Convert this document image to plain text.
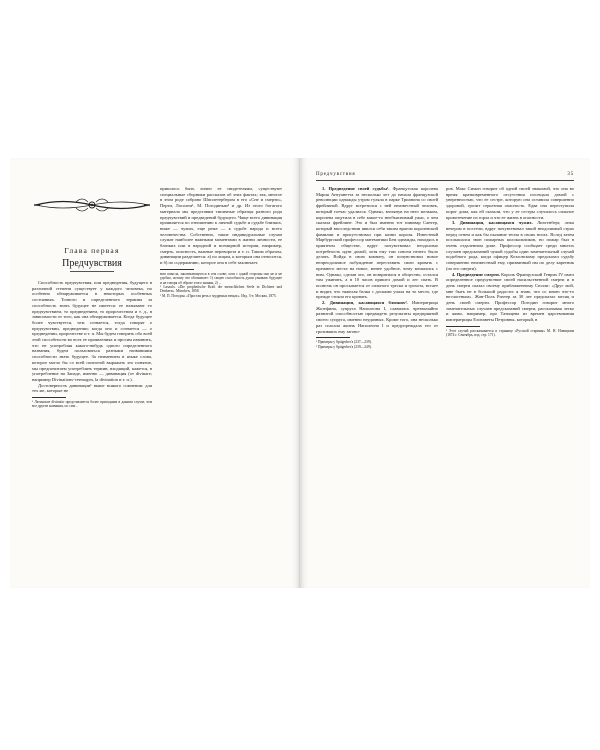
Глава первая
Предчувствия

Способность предчувствия, или предведения, будущего в различной степени существует у каждого человека, но особенно обнаруживается в некоторых особенных состояниях. Точного и определенного термина за способность знать будущее не имеется: ее называют то предчувствием, то предведением, то пророчеством и т. д., в зависимости от того, как она обнаруживается. Когда будущее более чувствуется, чем сознается, тогда говорят о предчувствии, предведении; когда оно и сознается — о предведении, пророчестве и т. п. Мы будем говорить обо всей этой способности во всех ее проявлениях и просим извинить, что не употребляя какого-нибудь одного определенного названия, будем пользоваться разными названиями способности знать будущее. За неимением в языке слова, которое могло бы со всей полнотой выражать это понятие, мы предпочитаем употреблять термин, входящий, кажется, в употребление на Западе, именно — дивинация (от divinare; например Divinations-vermogen, la divination и т. п.).

Достоверность дивинации¹ выше всякого сомнения: для тех же, которые не

¹ Латинское divinatio представляется более пригодным в данном случае, чем все другие названия, по сим...

пришлось быть лично ее свидетелями, существуют специальные сборники рассказов об этих фактах; так, многое в этом роде собрано Шпплетербером в его «Сне и смерти», Перти, Ласолем¹, М. Погодиным² и др. Из этого богатого материала мы представим типичные образцы разного рода предчувствий и предведений будущего. Чаще всего дивинация проявляется по отношению к личной судьбе и судьбе близких, ниже — чужих, еще реже — к судьбе народа и всего человечества. Собственно, такие индивидуальные случаи служат наиболее важными моментами в жизни личности, ее близких или в народной и всемирной истории, например, смерть, опасность, важные переворота и т. п. Таким образом, дивинации разделяется: а) по лицам, к которым она относится, и б) по содержанию, которое она в себе заключает.

вом смысла, заключающегося в сем слове; хотя с одной стороны оно не и не удобно, потому что обозначает: 1) самую способность души узнавать будущее и не говоря об образе этого знания, 2) ...

¹ Lasaulx. «Die prophetische Kraft der menschlichen Seele in Dichtern und Denkern». München, 1858.

² М. П. Погодин. «Простая речь о мудреных вещах». Изд. 3-е, Москва, 1875.

Предчувствия	35

1. Предведение своей судьбы¹. Французская королева Мария Антуанетта за несколько лет до начала французской революции однажды утром гуляла в парке Трианона со своей фрейлиной. Вдруг встретился с ней неизвестный человек, который тотчас удалился. Однако, взглянув на него мельком, королева ощутила в себе какое-то необъяснимый ужас, о чем сказала фрейлине. Это и был именно тот пивовар Сантер, который впоследствии явился себя таким врагом королевской фамилии и присутствовал при казни короля. Известный Марбургский профессор математики Бем однажды, находясь в приятном обществе, вдруг почувствовал неодолимо потребность идти домой, хотя ему там совсем нечего было делать. Войдя в свою комнату, он почувствовал новое непреодолимое побуждение переставить свою кровать с прежнего места на новое, менее удобное, чему мешались с ним. Однако, сделав это, он возвратился в общество, остался там ужинать, а в 10 часов пришел домой и лег спать. В полночь он просыпается от сильного треска и грохота, встает и видит, что тяжелая балка с досками упала на то место, где прежде стояла его кровать.

2. Дивинация, касающаяся близких². Императрица Жозефина, супруга Наполеона I, славилась чрезвычайно развитой способностью предвидеть результаты предприятий своего супруга, именно неудачных. Кроме того, она несколько раз спасала жизнь Наполеона I и предупреждала его от грозивших ему загово-

¹ Примеры у Spitgerber'a (237—239).

² Примеры у Spitgerber'a (239—249).

ров. Макс Симон говорит об одной своей знакомой, что она во время кратковременного отсутствия посещала домой с уверенностью, что ее сестре, которую она оставила совершенно здоровой, грозит серьезная опасность. Едва она переступила порог дома, как ей сказали, что у ее сестры случилось сильное кровотечение из горла и что ее жизнь в опасности.

3. Дивинация, касающаяся чужих. Лихтенберг, лежа вечером в постели, вдруг почувствовал такой неодолимый страх перед огнем и как бы пылание тепла в своих ногах. Вслед затем послышался звон пожарных колокольчиков, но пожар был в очень отдаленном доме. Профессор сообщает среди многих случаев предсказаний чужой судьбы один замечательный случай подобного рода, когда офицер Козловскому предсказал судьбу совершенно неизвестный ему, призванный им по делу каретник (по его смерти).

4. Предведение смерти. Король Французский Генрих IV имел определенное предчувствие своей насильственной смерти и в день смерти сказал своему приближенному Сюлли: «Друг мой, мне быть не в большой радости: я знаю, что со мною что-то несчастным». Жан-Поль Рихтер за 30 лет предсказал месяц и день своей смерти. Профессор Погодин говорит много замечательных случаев предсказаний смерти, рассказывая легко и живо, например, про Татищева из времен царствования императрицы Елизаветы Петровны, который, в

¹ Этот случай рассказывается в странице «Русской старины» М. Н. Новицким (1874 г. Сентябрь, изд. стр. 171).
